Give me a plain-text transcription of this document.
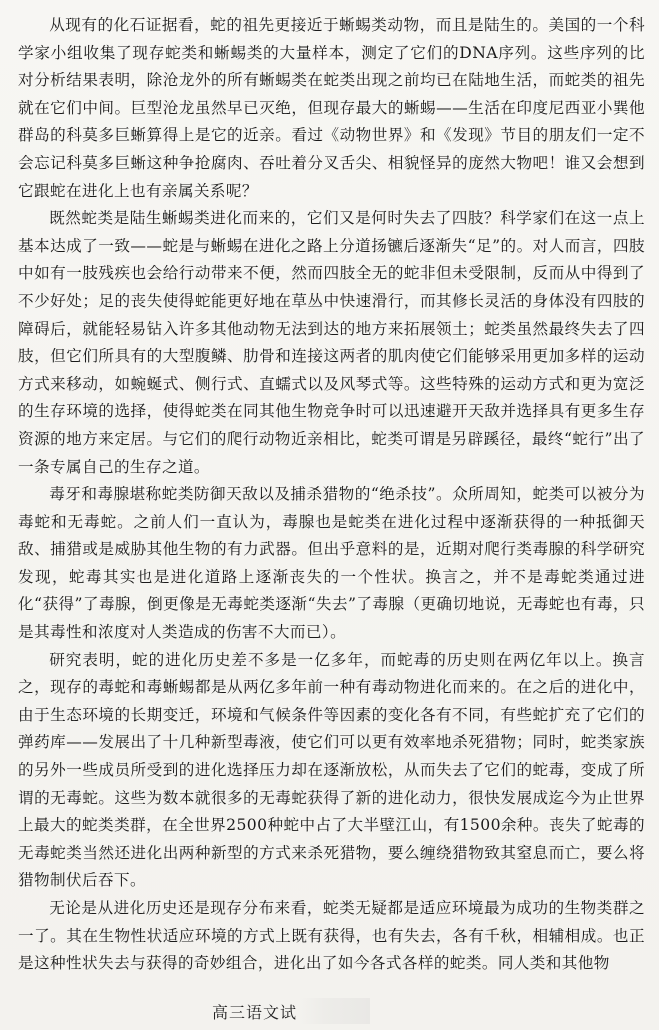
从现有的化石证据看，蛇的祖先更接近于蜥蜴类动物，而且是陆生的。美国的一个科学家小组收集了现存蛇类和蜥蜴类的大量样本，测定了它们的DNA序列。这些序列的比对分析结果表明，除沧龙外的所有蜥蜴类在蛇类出现之前均已在陆地生活，而蛇类的祖先就在它们中间。巨型沧龙虽然早已灭绝，但现存最大的蜥蜴——生活在印度尼西亚小巽他群岛的科莫多巨蜥算得上是它的近亲。看过《动物世界》和《发现》节目的朋友们一定不会忘记科莫多巨蜥这种争抢腐肉、吞吐着分叉舌尖、相貌怪异的庞然大物吧！谁又会想到它跟蛇在进化上也有亲属关系呢？

既然蛇类是陆生蜥蜴类进化而来的，它们又是何时失去了四肢？科学家们在这一点上基本达成了一致——蛇是与蜥蜴在进化之路上分道扬镳后逐渐失“足”的。对人而言，四肢中如有一肢残疾也会给行动带来不便，然而四肢全无的蛇非但未受限制，反而从中得到了不少好处；足的丧失使得蛇能更好地在草丛中快速滑行，而其修长灵活的身体没有四肢的障碍后，就能轻易钻入许多其他动物无法到达的地方来拓展领土；蛇类虽然最终失去了四肢，但它们所具有的大型腹鳞、肋骨和连接这两者的肌肉使它们能够采用更加多样的运动方式来移动，如蜿蜒式、侧行式、直蠕式以及风琴式等。这些特殊的运动方式和更为宽泛的生存环境的选择，使得蛇类在同其他生物竞争时可以迅速避开天敌并选择具有更多生存资源的地方来定居。与它们的爬行动物近亲相比，蛇类可谓是另辟蹊径，最终“蛇行”出了一条专属自己的生存之道。

毒牙和毒腺堪称蛇类防御天敌以及捕杀猎物的“绝杀技”。众所周知，蛇类可以被分为毒蛇和无毒蛇。之前人们一直认为，毒腺也是蛇类在进化过程中逐渐获得的一种抵御天敌、捕猎或是威胁其他生物的有力武器。但出乎意料的是，近期对爬行类毒腺的科学研究发现，蛇毒其实也是进化道路上逐渐丧失的一个性状。换言之，并不是毒蛇类通过进化“获得”了毒腺，倒更像是无毒蛇类逐渐“失去”了毒腺（更确切地说，无毒蛇也有毒，只是其毒性和浓度对人类造成的伤害不大而已）。

研究表明，蛇的进化历史差不多是一亿多年，而蛇毒的历史则在两亿年以上。换言之，现存的毒蛇和毒蜥蜴都是从两亿多年前一种有毒动物进化而来的。在之后的进化中，由于生态环境的长期变迁，环境和气候条件等因素的变化各有不同，有些蛇扩充了它们的弹药库——发展出了十几种新型毒液，使它们可以更有效率地杀死猎物；同时，蛇类家族的另外一些成员所受到的进化选择压力却在逐渐放松，从而失去了它们的蛇毒，变成了所谓的无毒蛇。这些为数本就很多的无毒蛇获得了新的进化动力，很快发展成迄今为止世界上最大的蛇类类群，在全世界2500种蛇中占了大半壁江山，有1500余种。丧失了蛇毒的无毒蛇类当然还进化出两种新型的方式来杀死猎物，要么缠绕猎物致其窒息而亡，要么将猎物制伏后吞下。

无论是从进化历史还是现存分布来看，蛇类无疑都是适应环境最为成功的生物类群之一了。其在生物性状适应环境的方式上既有获得，也有失去，各有千秋，相辅相成。也正是这种性状失去与获得的奇妙组合，进化出了如今各式各样的蛇类。同人类和其他物

高三语文试
